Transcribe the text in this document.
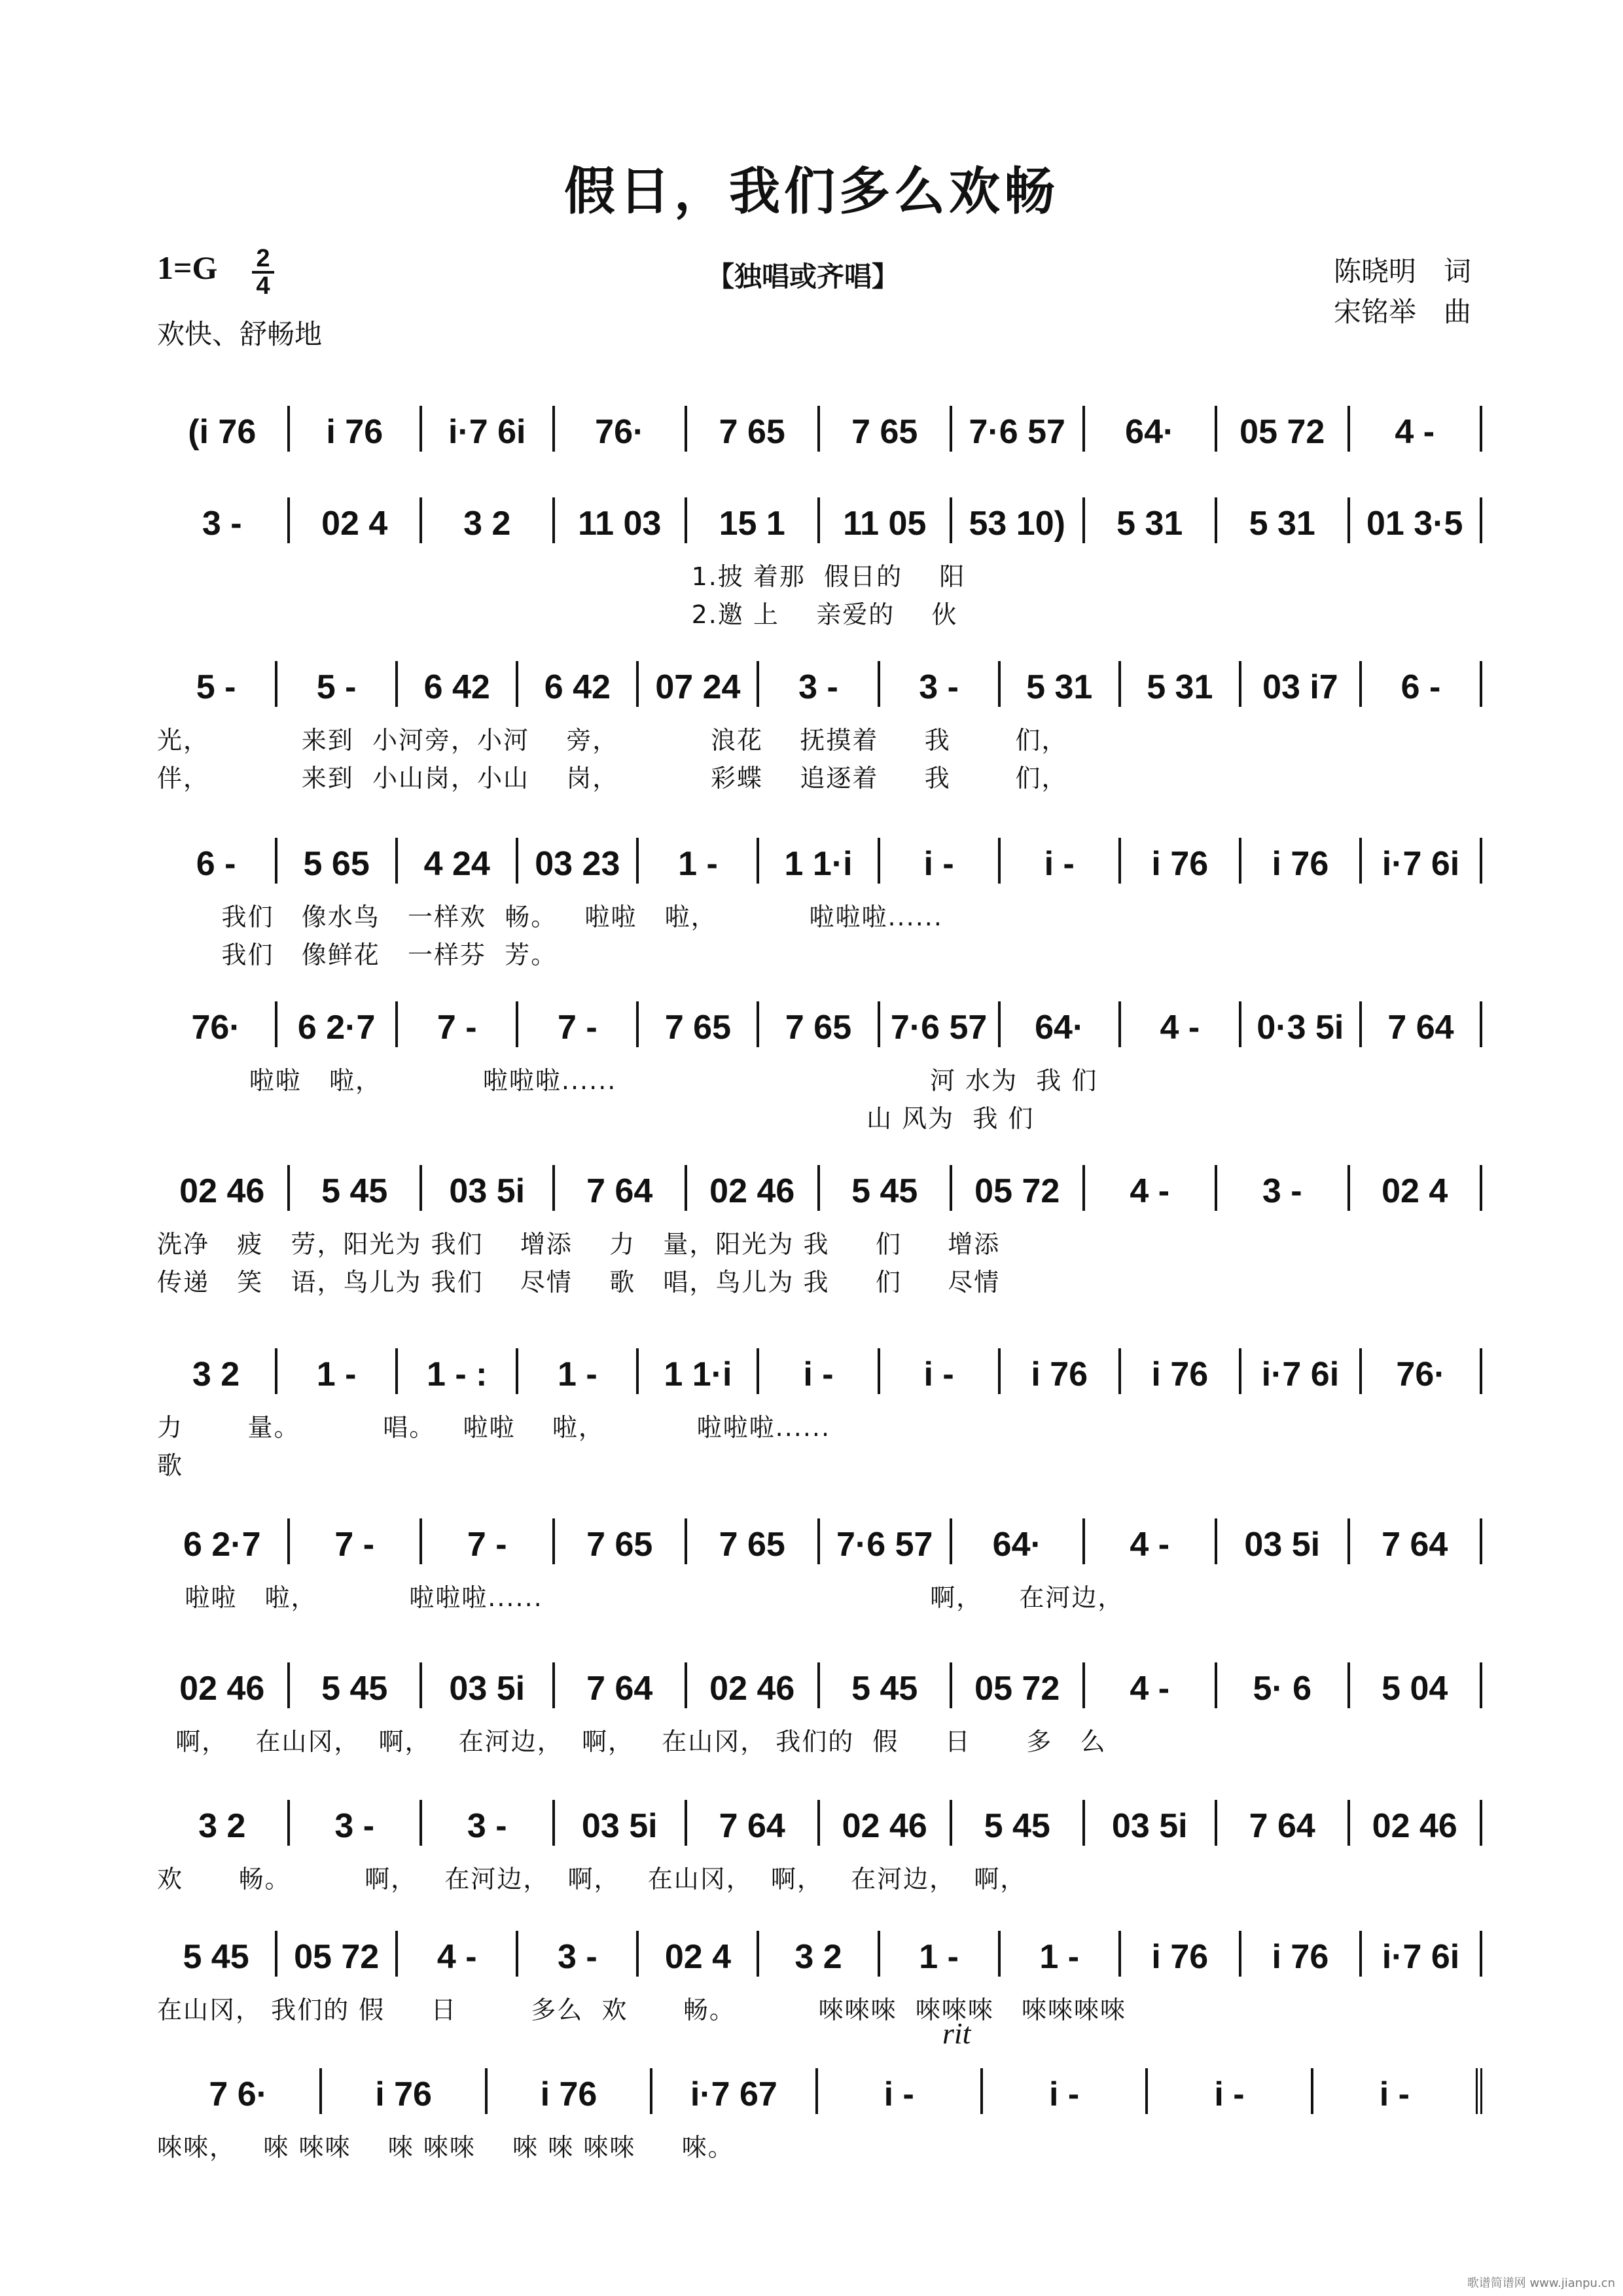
假日，我们多么欢畅
1=G 2
4
欢快、舒畅地
【独唱或齐唱】	陈晓明　词
宋铭举　曲
rit
(i 76	i 76	i·7 6i	76·	7 65	7 65	7·6 57	64·	05 72	4 -
3 -	02 4	3 2	11 03	15 1	11 05	53 10)	5 31	5 31	01 3·5
1.披 着那  假日的    阳
2.邀 上    亲爱的    伙
5 -	5 -	6 42	6 42	07 24	3 -	3 -	5 31	5 31	03 i7	6 -
光，          来到  小河旁，小河    旁，          浪花    抚摸着     我       们，
伴，          来到  小山岗，小山    岗，          彩蝶    追逐着     我       们，
6 -	5 65	4 24	03 23	1 -	1 1·i	i -	i -	i 76	i 76	i·7 6i
我们   像水鸟   一样欢  畅。   啦啦   啦，          啦啦啦......
我们   像鲜花   一样芬  芳。
76·	6 2·7	7 -	7 -	7 65	7 65	7·6 57	64·	4 -	0·3 5i	7 64
啦啦   啦，           啦啦啦......                                  河 水为  我 们
山 风为  我 们
02 46	5 45	03 5i	7 64	02 46	5 45	05 72	4 -	3 -	02 4
洗净   疲   劳，阳光为 我们    增添    力   量，阳光为 我     们     增添
传递   笑   语，鸟儿为 我们    尽情    歌   唱，鸟儿为 我     们     尽情
3 2	1 -	1 - :	1 -	1 1·i	i -	i -	i 76	i 76	i·7 6i	76·
力       量。         唱。   啦啦    啦，          啦啦啦......
歌
6 2·7	7 -	7 -	7 65	7 65	7·6 57	64·	4 -	03 5i	7 64
啦啦   啦，          啦啦啦......                                          啊，    在河边，
02 46	5 45	03 5i	7 64	02 46	5 45	05 72	4 -	5· 6	5 04
啊，   在山冈，  啊，   在河边，  啊，   在山冈， 我们的  假     日      多   么
3 2	3 -	3 -	03 5i	7 64	02 46	5 45	03 5i	7 64	02 46
欢      畅。        啊，   在河边，  啊，   在山冈，  啊，   在河边，  啊，
5 45	05 72	4 -	3 -	02 4	3 2	1 -	1 -	i 76	i 76	i·7 6i
在山冈， 我们的 假     日        多么  欢      畅。         唻唻唻  唻唻唻   唻唻唻唻
7 6·	i 76	i 76	i·7 67	i -	i -	i -	i -
唻唻，   唻 唻唻    唻 唻唻    唻 唻 唻唻     唻。
歌谱简谱网 www.jianpu.cn
